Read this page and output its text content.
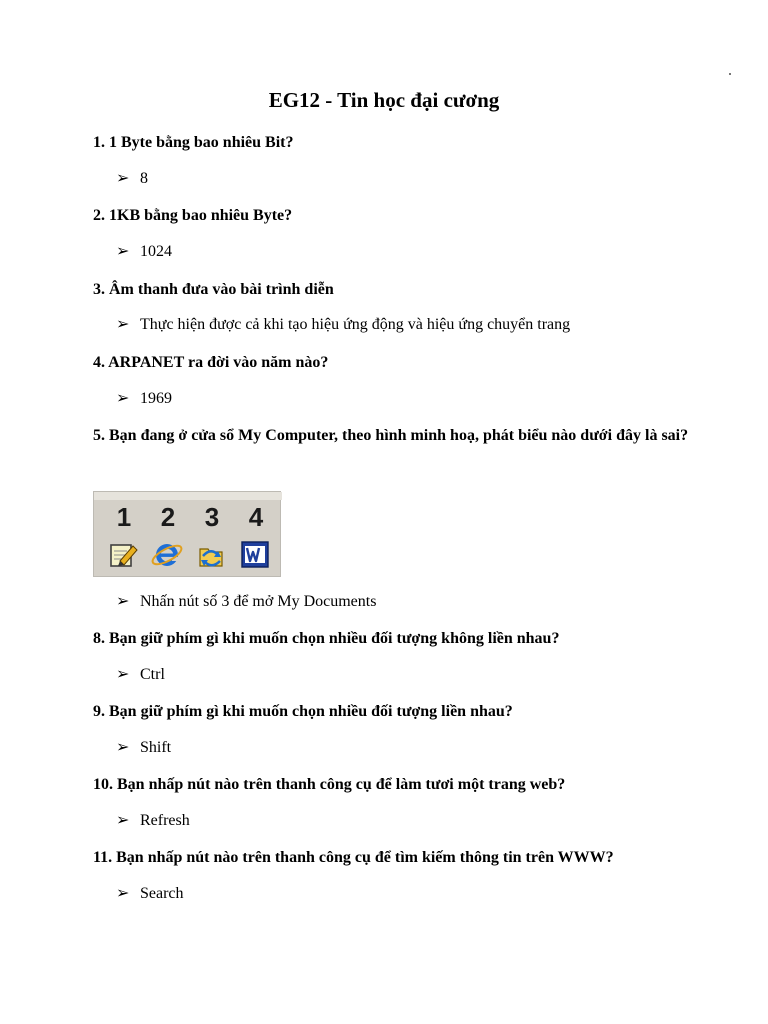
EG12 - Tin học đại cương

1. 1 Byte bằng bao nhiêu Bit?

➢ 8

2. 1KB bằng bao nhiêu Byte?

➢ 1024

3. Âm thanh đưa vào bài trình diễn

➢ Thực hiện được cả khi tạo hiệu ứng động và hiệu ứng chuyển trang

4. ARPANET ra đời vào năm nào?

➢ 1969

5. Bạn đang ở cửa sổ My Computer, theo hình minh hoạ, phát biểu nào dưới đây là sai?

1 2 3 4

➢ Nhấn nút số 3 để mở My Documents

8. Bạn giữ phím gì khi muốn chọn nhiều đối tượng không liền nhau?

➢ Ctrl

9. Bạn giữ phím gì khi muốn chọn nhiều đối tượng liền nhau?

➢ Shift

10. Bạn nhấp nút nào trên thanh công cụ để làm tươi một trang web?

➢ Refresh

11. Bạn nhấp nút nào trên thanh công cụ để tìm kiếm thông tin trên WWW?

➢ Search
